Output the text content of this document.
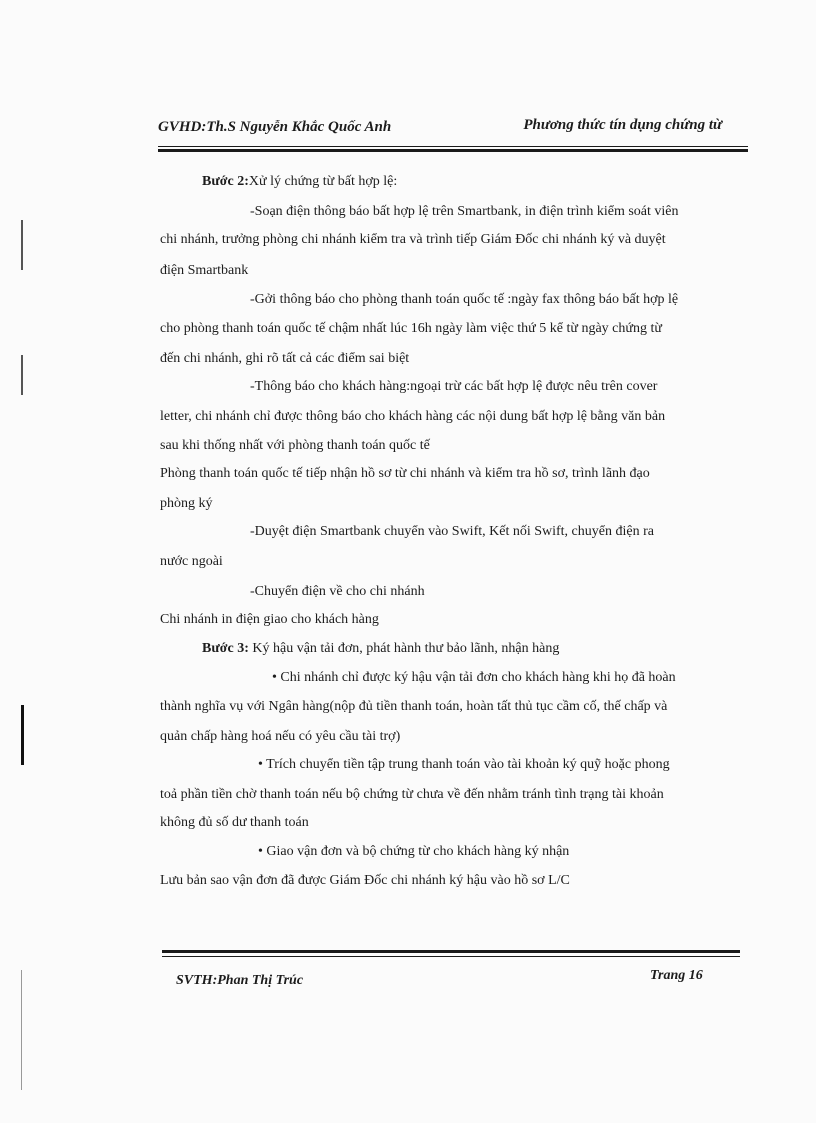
GVHD:Th.S Nguyễn Khắc Quốc Anh	Phương thức tín dụng chứng từ
Bước 2:Xử lý chứng từ bất hợp lệ:
-Soạn điện thông báo bất hợp lệ trên Smartbank, in điện trình kiểm soát viên
chi nhánh, trưởng phòng chi nhánh kiểm tra và trình tiếp Giám Đốc chi nhánh ký và duyệt
điện Smartbank
-Gởi thông báo cho phòng thanh toán quốc tế :ngày fax thông báo bất hợp lệ
cho phòng thanh toán quốc tế chậm nhất lúc 16h ngày làm việc thứ 5 kể từ ngày chứng từ
đến chi nhánh, ghi rõ tất cả các điểm sai biệt
-Thông báo cho khách hàng:ngoại trừ các bất hợp lệ được nêu trên cover
letter, chi nhánh chỉ được thông báo cho khách hàng các nội dung bất hợp lệ bằng văn bản
sau khi thống nhất với phòng thanh toán quốc tế
Phòng thanh toán quốc tế tiếp nhận hồ sơ từ chi nhánh và kiểm tra hồ sơ, trình lãnh đạo
phòng ký
-Duyệt điện Smartbank chuyển vào Swift, Kết nối Swift, chuyển điện ra
nước ngoài
-Chuyển điện về cho chi nhánh
Chi nhánh in điện giao cho khách hàng
Bước 3: Ký hậu vận tải đơn, phát hành thư bảo lãnh, nhận hàng
• Chi nhánh chỉ được ký hậu vận tải đơn cho khách hàng khi họ đã hoàn
thành nghĩa vụ với Ngân hàng(nộp đủ tiền thanh toán, hoàn tất thủ tục cầm cố, thế chấp và
quản chấp hàng hoá nếu có yêu cầu tài trợ)
• Trích chuyển tiền tập trung thanh toán vào tài khoản ký quỹ hoặc phong
toả phần tiền chờ thanh toán nếu bộ chứng từ chưa về đến nhằm tránh tình trạng tài khoản
không đủ số dư thanh toán
• Giao vận đơn và bộ chứng từ cho khách hàng ký nhận
Lưu bản sao vận đơn đã được Giám Đốc chi nhánh ký hậu vào hồ sơ L/C
SVTH:Phan Thị Trúc	Trang 16
